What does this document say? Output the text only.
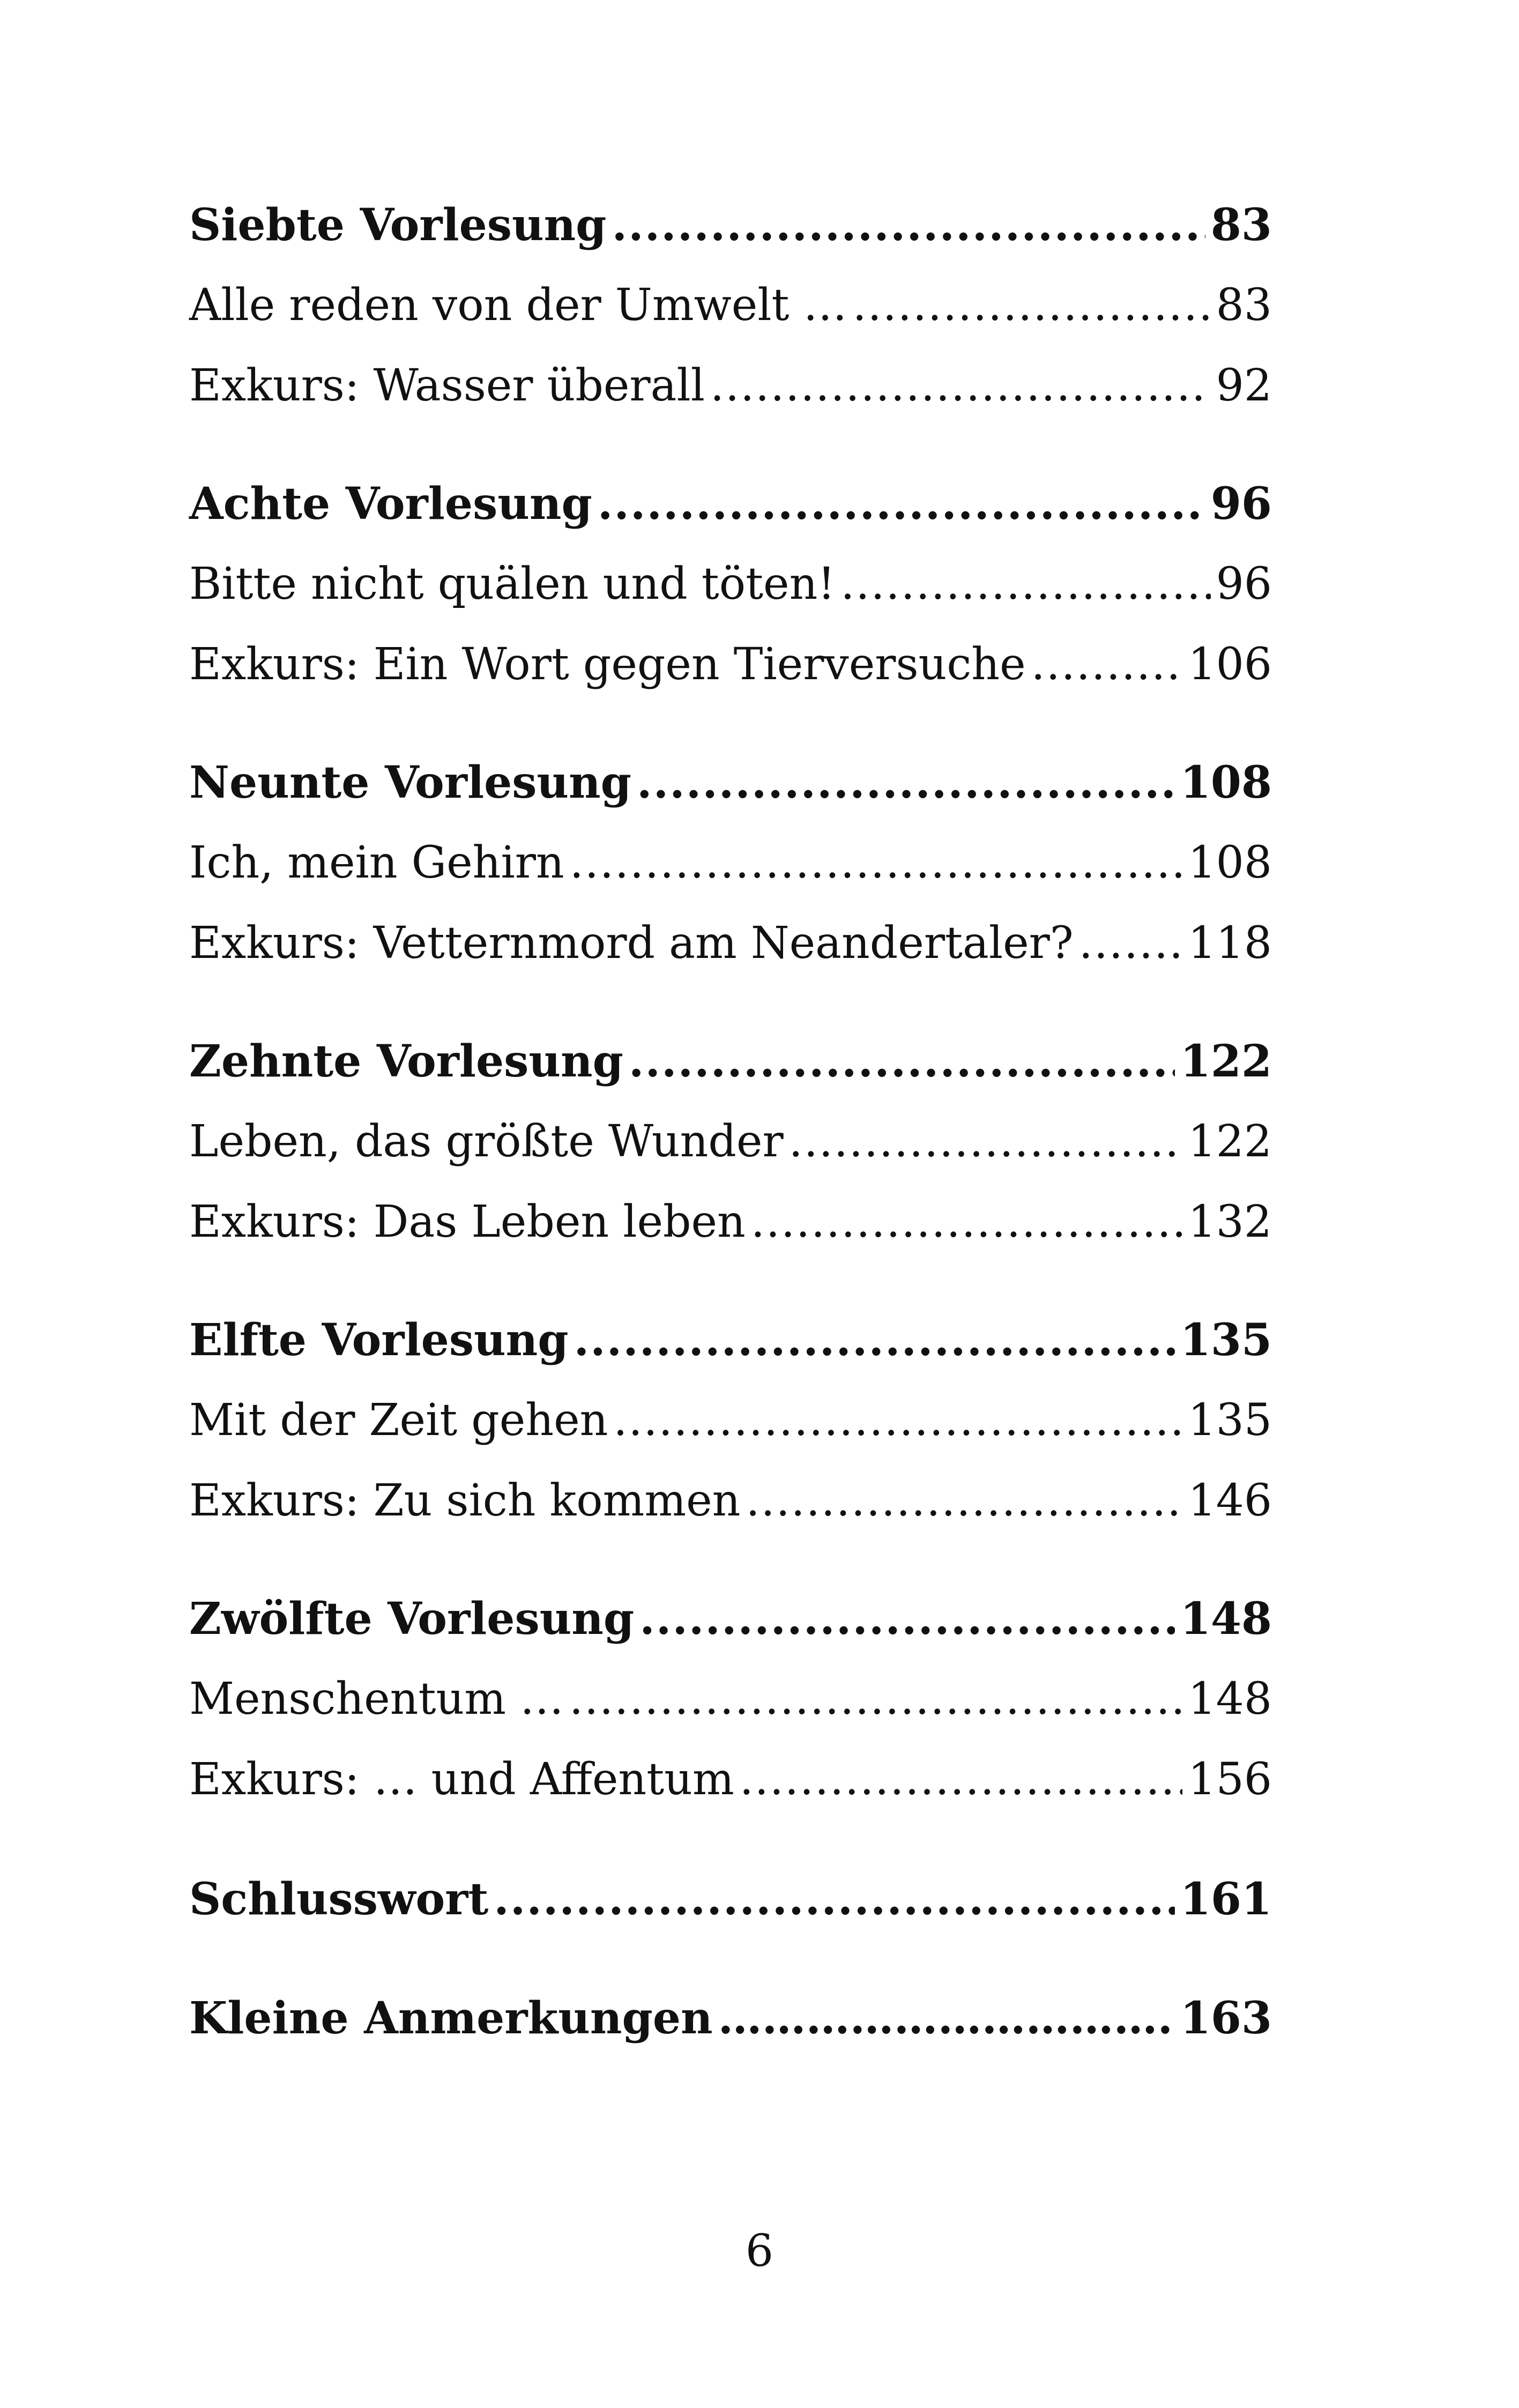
Siebte Vorlesung .....	83
Alle reden von der Umwelt … .....	83
Exkurs: Wasser überall .....	92
Achte Vorlesung .....	96
Bitte nicht quälen und töten! .....	96
Exkurs: Ein Wort gegen Tierversuche .....	106
Neunte Vorlesung .....	108
Ich, mein Gehirn .....	108
Exkurs: Vetternmord am Neandertaler? .....	118
Zehnte Vorlesung .....	122
Leben, das größte Wunder .....	122
Exkurs: Das Leben leben .....	132
Elfte Vorlesung .....	135
Mit der Zeit gehen .....	135
Exkurs: Zu sich kommen .....	146
Zwölfte Vorlesung .....	148
Menschentum … .....	148
Exkurs: … und Affentum .....	156
Schlusswort .....	161
Kleine Anmerkungen ……………………………………………………………………………………………………………………………………………………………………	163
6
